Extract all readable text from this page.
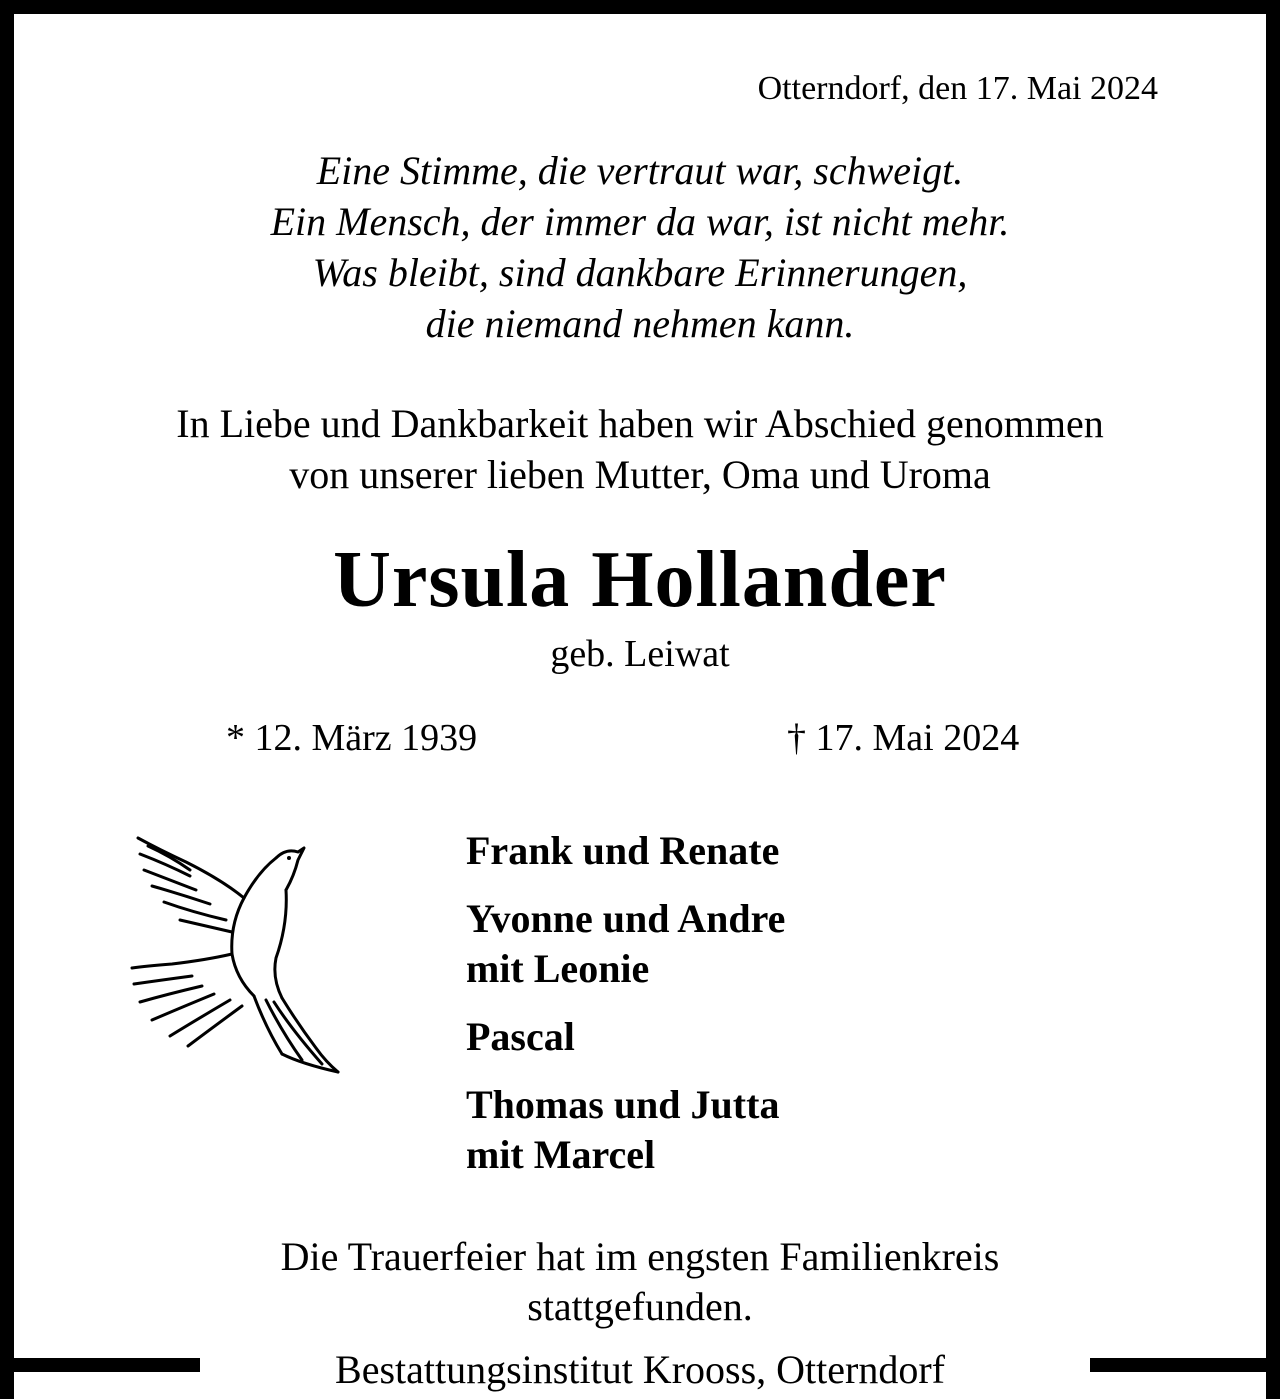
Otterndorf, den 17. Mai 2024
Eine Stimme, die vertraut war, schweigt.
Ein Mensch, der immer da war, ist nicht mehr.
Was bleibt, sind dankbare Erinnerungen,
die niemand nehmen kann.
In Liebe und Dankbarkeit haben wir Abschied genommen
von unserer lieben Mutter, Oma und Uroma
Ursula Hollander
geb. Leiwat
* 12. März 1939	† 17. Mai 2024
Frank und Renate
Yvonne und Andre
mit Leonie
Pascal
Thomas und Jutta
mit Marcel
Die Trauerfeier hat im engsten Familienkreis
stattgefunden.
Bestattungsinstitut Krooss, Otterndorf
